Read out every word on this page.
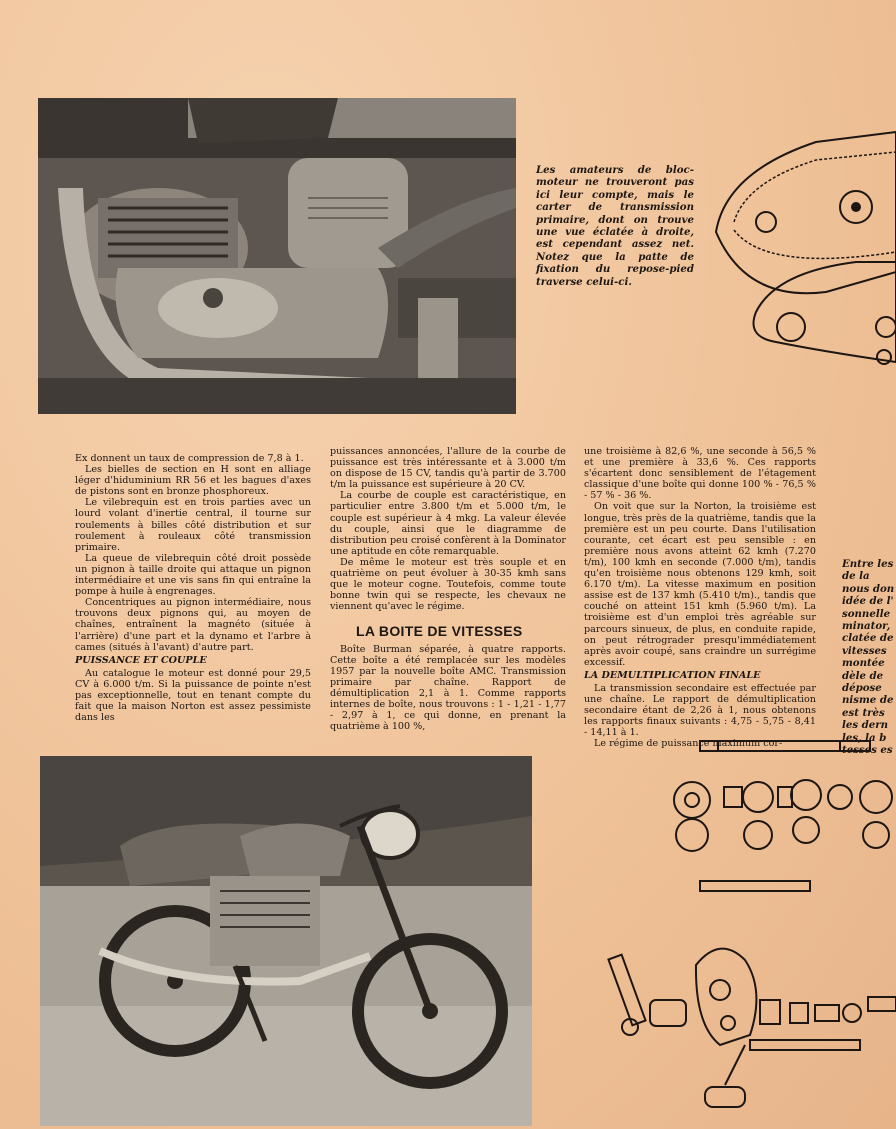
Les amateurs de bloc-moteur ne trouveront pas ici leur compte, mais le carter de transmission primaire, dont on trouve une vue éclatée à droite, est cependant assez net. Notez que la patte de fixation du repose-pied traverse celui-ci.

Ex donnent un taux de compression de 7,8 à 1.

Les bielles de section en H sont en alliage léger d'hiduminium RR 56 et les bagues d'axes de pistons sont en bronze phosphoreux.

Le vilebrequin est en trois parties avec un lourd volant d'inertie central, il tourne sur roulements à billes côté distribution et sur roulement à rouleaux côté transmission primaire.

La queue de vilebrequin côté droit possède un pignon à taille droite qui attaque un pignon intermédiaire et une vis sans fin qui entraîne la pompe à huile à engrenages.

Concentriques au pignon intermédiaire, nous trouvons deux pignons qui, au moyen de chaînes, entraînent la magnéto (située à l'arrière) d'une part et la dynamo et l'arbre à cames (situés à l'avant) d'autre part.

PUISSANCE ET COUPLE

Au catalogue le moteur est donné pour 29,5 CV à 6.000 t/m. Si la puissance de pointe n'est pas exceptionnelle, tout en tenant compte du fait que la maison Norton est assez pessimiste dans les

puissances annoncées, l'allure de la courbe de puissance est très intéressante et à 3.000 t/m on dispose de 15 CV, tandis qu'à partir de 3.700 t/m la puissance est supérieure à 20 CV.

La courbe de couple est caractéristique, en particulier entre 3.800 t/m et 5.000 t/m, le couple est supérieur à 4 mkg. La valeur élevée du couple, ainsi que le diagramme de distribution peu croisé confèrent à la Dominator une aptitude en côte remarquable.

De même le moteur est très souple et en quatrième on peut évoluer à 30-35 kmh sans que le moteur cogne. Toutefois, comme toute bonne twin qui se respecte, les chevaux ne viennent qu'avec le régime.

LA BOITE DE VITESSES

Boîte Burman séparée, à quatre rapports. Cette boîte a été remplacée sur les modèles 1957 par la nouvelle boîte AMC. Transmission primaire par chaîne. Rapport de démultiplication 2,1 à 1. Comme rapports internes de boîte, nous trouvons : 1 - 1,21 - 1,77 - 2,97 à 1, ce qui donne, en prenant la quatrième à 100 %,

une troisième à 82,6 %, une seconde à 56,5 % et une première à 33,6 %. Ces rapports s'écartent donc sensiblement de l'étagement classique d'une boîte qui donne 100 % - 76,5 % - 57 % - 36 %.

On voit que sur la Norton, la troisième est longue, très près de la quatrième, tandis que la première est un peu courte. Dans l'utilisation courante, cet écart est peu sensible : en première nous avons atteint 62 kmh (7.270 t/m), 100 kmh en seconde (7.000 t/m), tandis qu'en troisième nous obtenons 129 kmh, soit 6.170 t/m). La vitesse maximum en position assise est de 137 kmh (5.410 t/m)., tandis que couché on atteint 151 kmh (5.960 t/m). La troisième est d'un emploi très agréable sur parcours sinueux, de plus, en conduite rapide, on peut rétrograder presqu'immédiatement après avoir coupé, sans craindre un surrégime excessif.

LA DEMULTIPLICATION FINALE

La transmission secondaire est effectuée par une chaîne. Le rapport de démultiplication secondaire étant de 2,26 à 1, nous obtenons les rapports finaux suivants : 4,75 - 5,75 - 8,41 - 14,11 à 1.

Le régime de puissance maximum cor-

Entre les
de la
nous don
idée de l'
sonnelle
minator,
clatée de
vitesses
montée
dèle de
dépose
nisme de
est très
les dern
les, la b
tesses es
